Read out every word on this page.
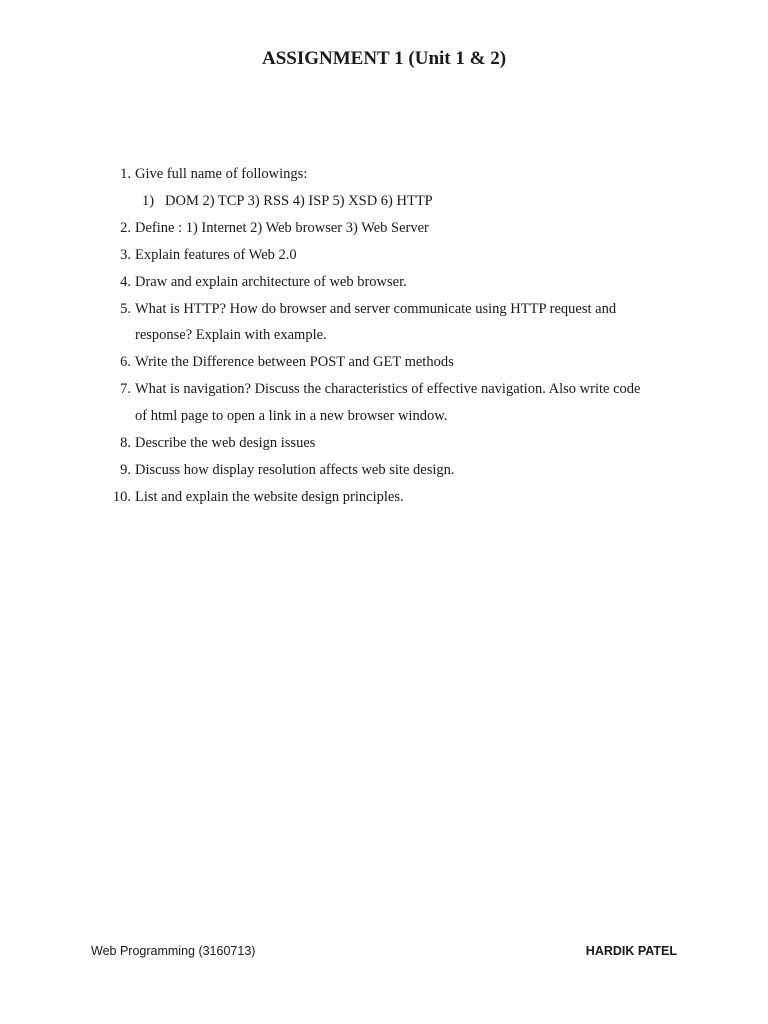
ASSIGNMENT 1 (Unit 1 & 2)
1. Give full name of followings:
1) DOM 2) TCP 3) RSS 4) ISP 5) XSD 6) HTTP
2. Define : 1) Internet 2) Web browser 3) Web Server
3. Explain features of Web 2.0
4. Draw and explain architecture of web browser.
5. What is HTTP? How do browser and server communicate using HTTP request and
response? Explain with example.
6. Write the Difference between POST and GET methods
7. What is navigation? Discuss the characteristics of effective navigation. Also write code
of html page to open a link in a new browser window.
8. Describe the web design issues
9. Discuss how display resolution affects web site design.
10. List and explain the website design principles.
Web Programming (3160713)	HARDIK PATEL
